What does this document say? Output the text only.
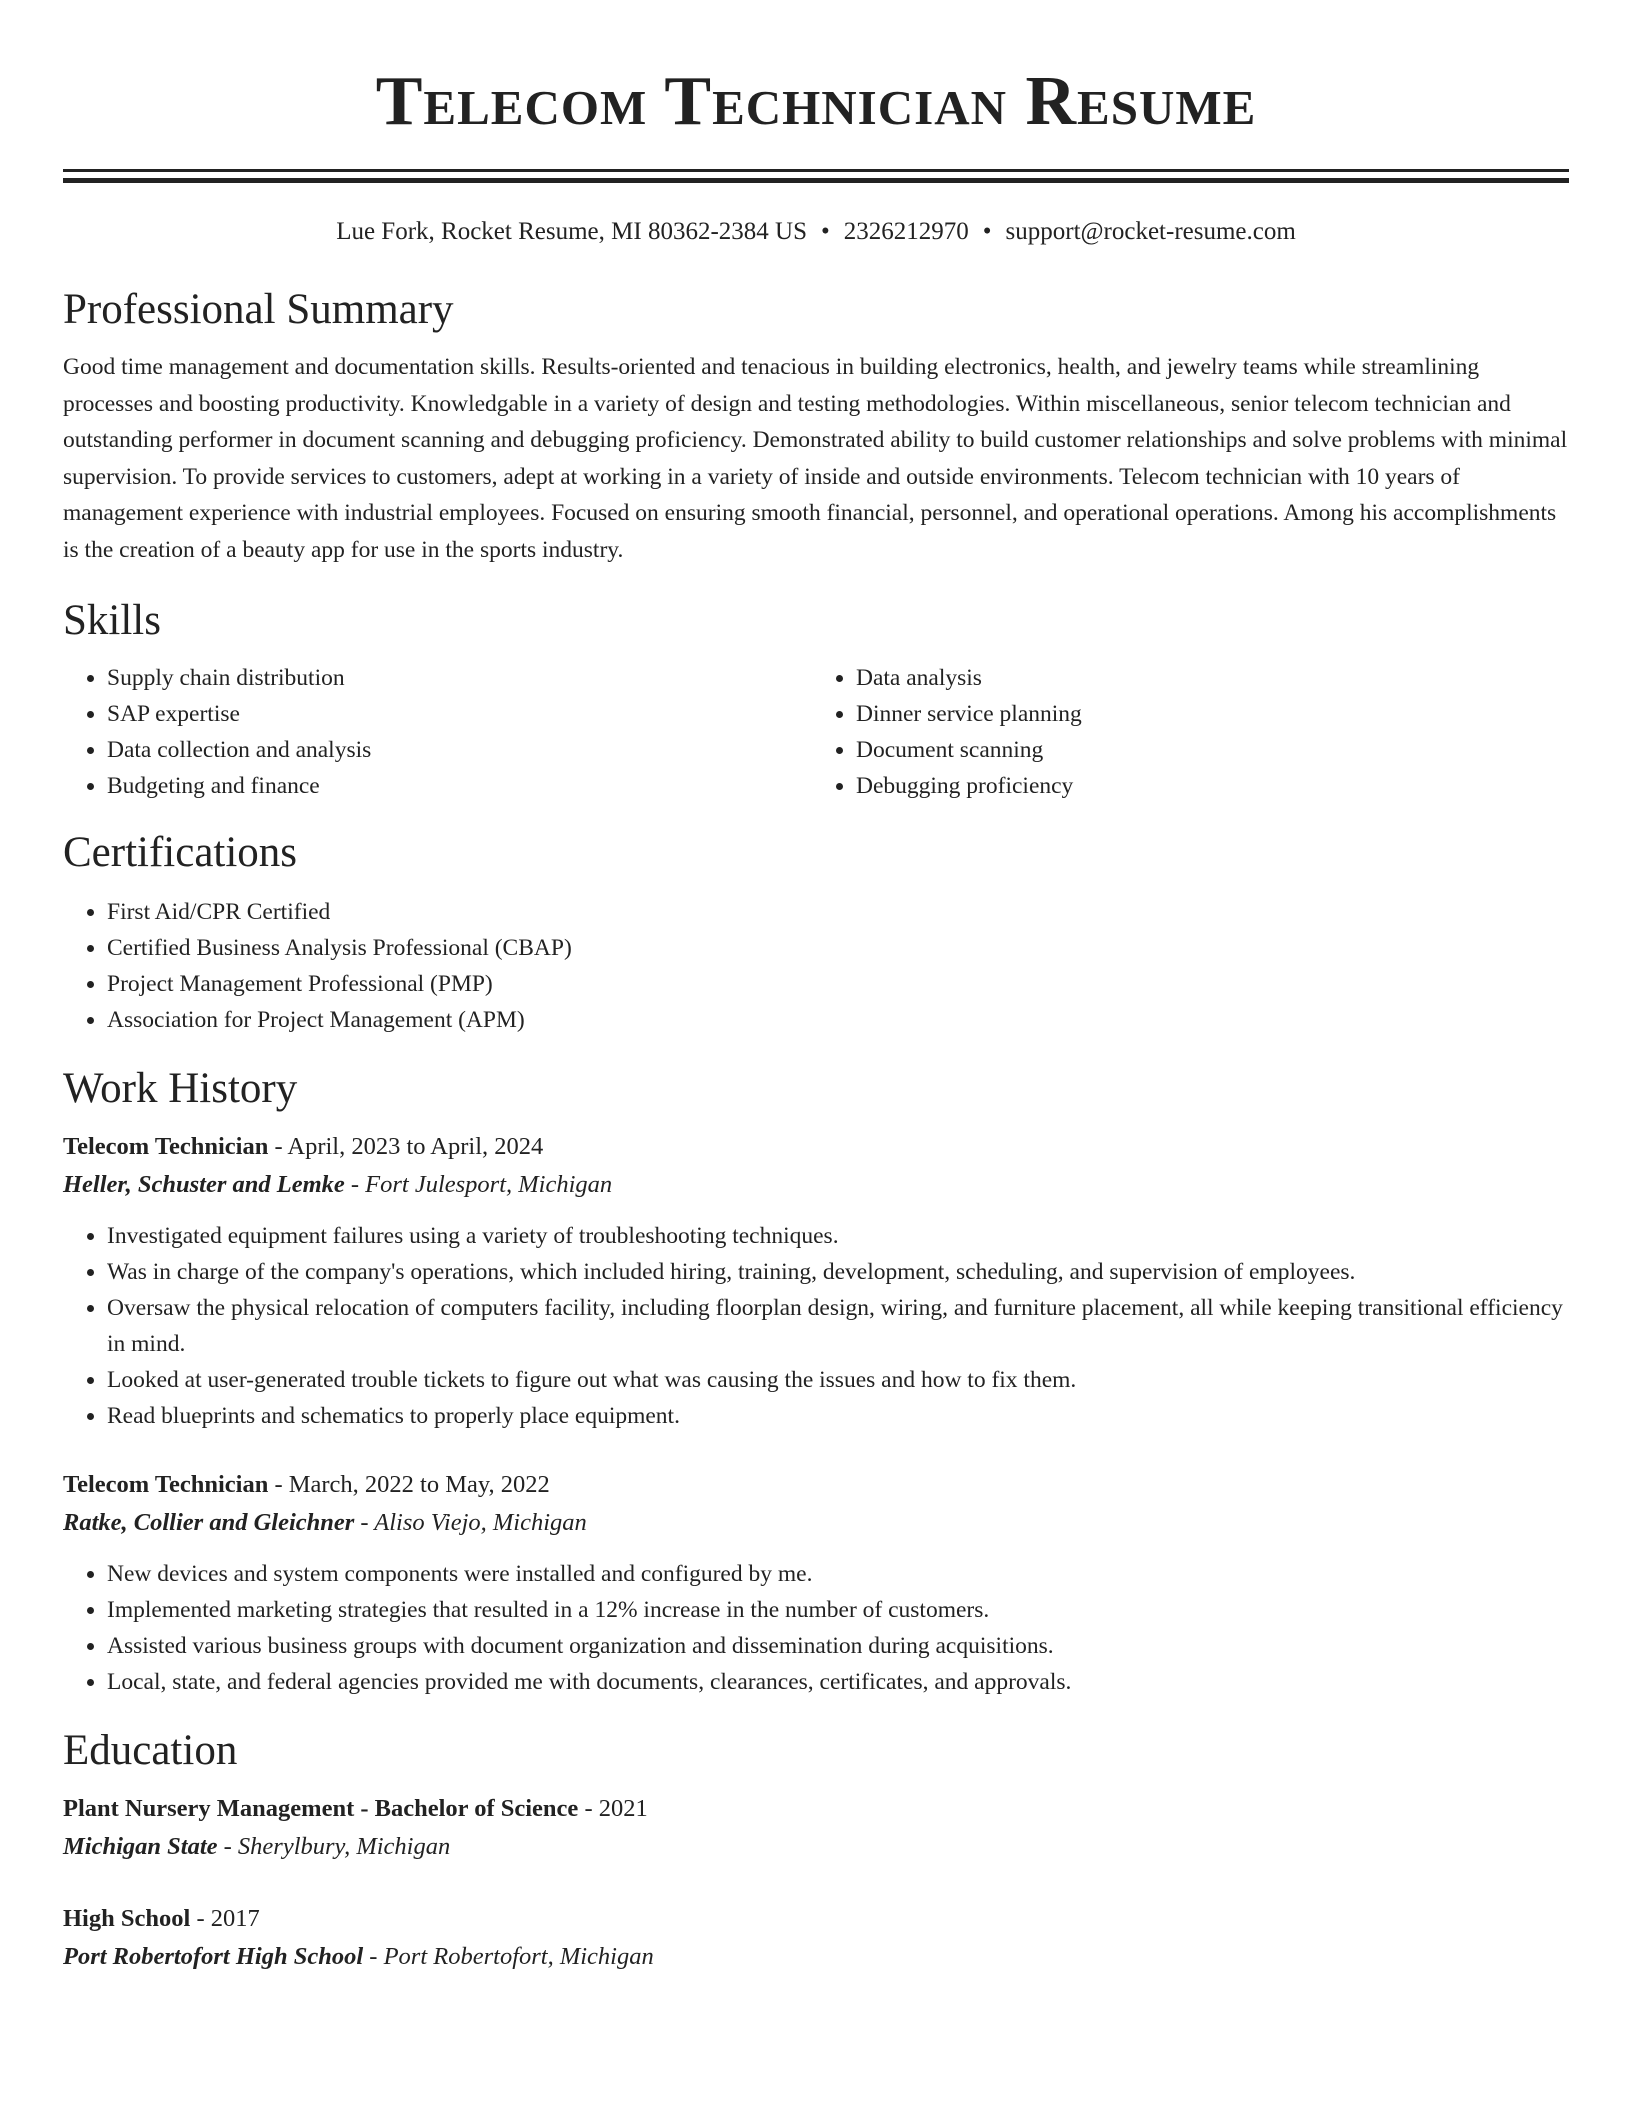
Telecom Technician Resume
Lue Fork, Rocket Resume, MI 80362-2384 US • 2326212970 • support@rocket-resume.com
Professional Summary

Good time management and documentation skills. Results-oriented and tenacious in building electronics, health, and jewelry teams while streamlining processes and boosting productivity. Knowledgable in a variety of design and testing methodologies. Within miscellaneous, senior telecom technician and outstanding performer in document scanning and debugging proficiency. Demonstrated ability to build customer relationships and solve problems with minimal supervision. To provide services to customers, adept at working in a variety of inside and outside environments. Telecom technician with 10 years of management experience with industrial employees. Focused on ensuring smooth financial, personnel, and operational operations. Among his accomplishments is the creation of a beauty app for use in the sports industry.

Skills
• Supply chain distribution
• SAP expertise
• Data collection and analysis
• Budgeting and finance
• Data analysis
• Dinner service planning
• Document scanning
• Debugging proficiency
Certifications
• First Aid/CPR Certified
• Certified Business Analysis Professional (CBAP)
• Project Management Professional (PMP)
• Association for Project Management (APM)
Work History
Telecom Technician - April, 2023 to April, 2024
Heller, Schuster and Lemke - Fort Julesport, Michigan
• Investigated equipment failures using a variety of troubleshooting techniques.
• Was in charge of the company's operations, which included hiring, training, development, scheduling, and supervision of employees.
• Oversaw the physical relocation of computers facility, including floorplan design, wiring, and furniture placement, all while keeping transitional efficiency in mind.
• Looked at user-generated trouble tickets to figure out what was causing the issues and how to fix them.
• Read blueprints and schematics to properly place equipment.
Telecom Technician - March, 2022 to May, 2022
Ratke, Collier and Gleichner - Aliso Viejo, Michigan
• New devices and system components were installed and configured by me.
• Implemented marketing strategies that resulted in a 12% increase in the number of customers.
• Assisted various business groups with document organization and dissemination during acquisitions.
• Local, state, and federal agencies provided me with documents, clearances, certificates, and approvals.
Education
Plant Nursery Management - Bachelor of Science - 2021
Michigan State - Sherylbury, Michigan
High School - 2017
Port Robertofort High School - Port Robertofort, Michigan
